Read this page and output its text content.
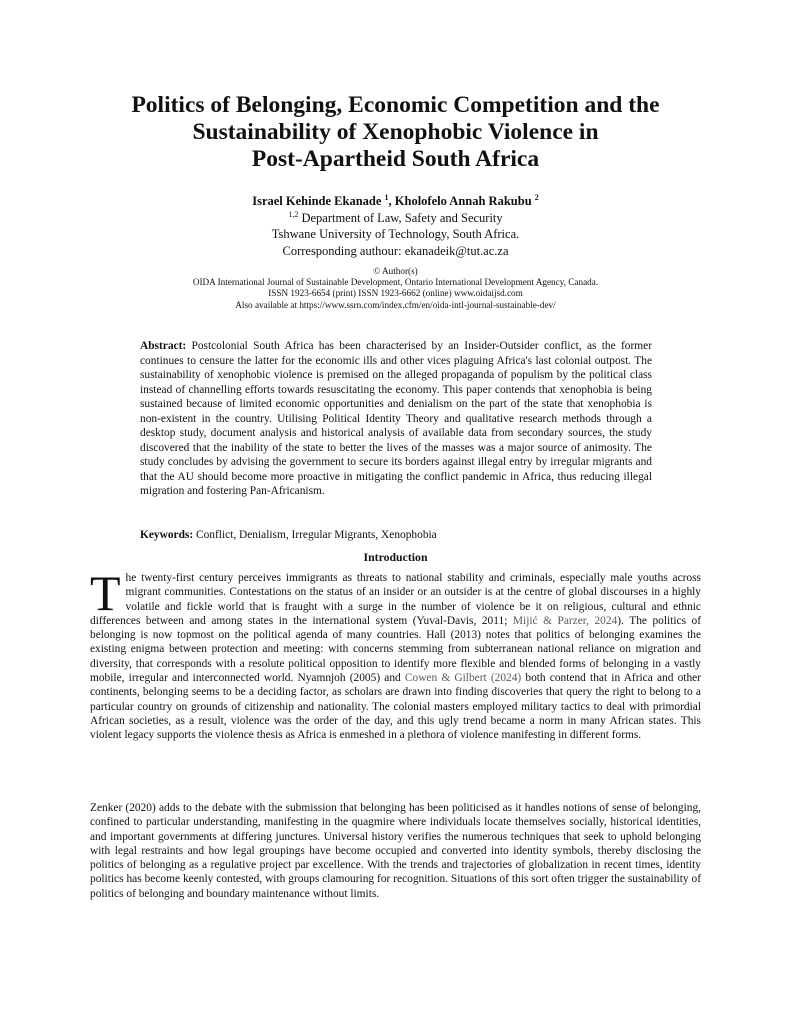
Politics of Belonging, Economic Competition and the
Sustainability of Xenophobic Violence in
Post-Apartheid South Africa
Israel Kehinde Ekanade $^1$, Kholofelo Annah Rakubu $^2$
$^{1,2}$ Department of Law, Safety and Security
Tshwane University of Technology, South Africa.
Corresponding authour: ekanadeik@tut.ac.za
© Author(s)
OIDA International Journal of Sustainable Development, Ontario International Development Agency, Canada.
ISSN 1923-6654 (print) ISSN 1923-6662 (online) www.oidaijsd.com
Also available at https://www.ssrn.com/index.cfm/en/oida-intl-journal-sustainable-dev/

Abstract: Postcolonial South Africa has been characterised by an Insider-Outsider conflict, as the former continues to censure the latter for the economic ills and other vices plaguing Africa's last colonial outpost. The sustainability of xenophobic violence is premised on the alleged propaganda of populism by the political class instead of channelling efforts towards resuscitating the economy. This paper contends that xenophobia is being sustained because of limited economic opportunities and denialism on the part of the state that xenophobia is non-existent in the country. Utilising Political Identity Theory and qualitative research methods through a desktop study, document analysis and historical analysis of available data from secondary sources, the study discovered that the inability of the state to better the lives of the masses was a major source of animosity. The study concludes by advising the government to secure its borders against illegal entry by irregular migrants and that the AU should become more proactive in mitigating the conflict pandemic in Africa, thus reducing illegal migration and fostering Pan-Africanism.

Keywords: Conflict, Denialism, Irregular Migrants, Xenophobia
Introduction

The twenty-first century perceives immigrants as threats to national stability and criminals, especially male youths across migrant communities. Contestations on the status of an insider or an outsider is at the centre of global discourses in a highly volatile and fickle world that is fraught with a surge in the number of violence be it on religious, cultural and ethnic differences between and among states in the international system (Yuval-Davis, 2011; Mijić & Parzer, 2024). The politics of belonging is now topmost on the political agenda of many countries. Hall (2013) notes that politics of belonging examines the existing enigma between protection and meeting: with concerns stemming from subterranean national reliance on migration and diversity, that corresponds with a resolute political opposition to identify more flexible and blended forms of belonging in a vastly mobile, irregular and interconnected world. Nyamnjoh (2005) and Cowen & Gilbert (2024) both contend that in Africa and other continents, belonging seems to be a deciding factor, as scholars are drawn into finding discoveries that query the right to belong to a particular country on grounds of citizenship and nationality. The colonial masters employed military tactics to deal with primordial African societies, as a result, violence was the order of the day, and this ugly trend became a norm in many African states. This violent legacy supports the violence thesis as Africa is enmeshed in a plethora of violence manifesting in different forms.

Zenker (2020) adds to the debate with the submission that belonging has been politicised as it handles notions of sense of belonging, confined to particular understanding, manifesting in the quagmire where individuals locate themselves socially, historical identities, and important governments at differing junctures. Universal history verifies the numerous techniques that seek to uphold belonging with legal restraints and how legal groupings have become occupied and converted into identity symbols, thereby disclosing the politics of belonging as a regulative project par excellence. With the trends and trajectories of globalization in recent times, identity politics has become keenly contested, with groups clamouring for recognition. Situations of this sort often trigger the sustainability of politics of belonging and boundary maintenance without limits.
